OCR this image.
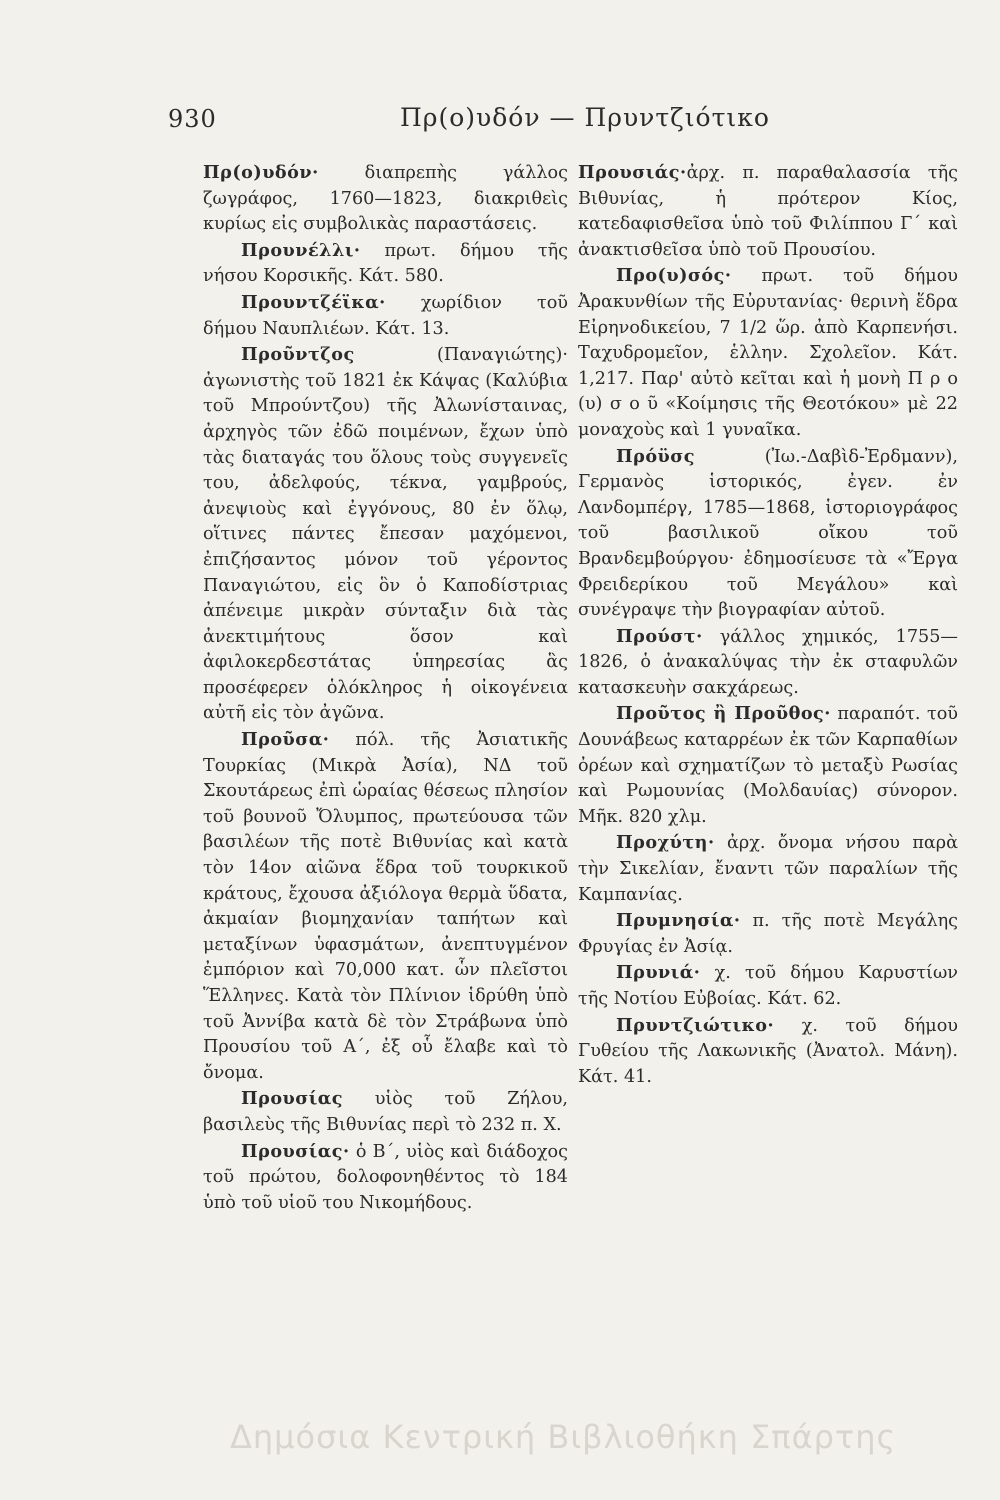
930	Πρ(ο)υδόν — Πρυντζιότικο

Πρ(ο)υδόν· διαπρεπὴς γάλλος ζωγράφος, 1760—1823, διακριθεὶς κυρίως εἰς συμβολικὰς παραστάσεις.

Προυνέλλι· πρωτ. δήμου τῆς νήσου Κορσικῆς. Κάτ. 580.

Προυντζέϊκα· χωρίδιον τοῦ δήμου Ναυπλιέων. Κάτ. 13.

Προῦντζος (Παναγιώτης)· ἀγωνιστὴς τοῦ 1821 ἐκ Κάψας (Καλύβια τοῦ Μπρούντζου) τῆς Ἀλωνίσταινας, ἀρχηγὸς τῶν ἐδῶ ποιμένων, ἔχων ὑπὸ τὰς διαταγάς του ὅλους τοὺς συγγενεῖς του, ἀδελφούς, τέκνα, γαμβρούς, ἀνεψιοὺς καὶ ἐγγόνους, 80 ἐν ὅλῳ, οἵτινες πάντες ἔπεσαν μαχόμενοι, ἐπιζήσαντος μόνον τοῦ γέροντος Παναγιώτου, εἰς ὃν ὁ Καποδίστριας ἀπένειμε μικρὰν σύνταξιν διὰ τὰς ἀνεκτιμήτους ὅσον καὶ ἀφιλοκερδεστάτας ὑπηρεσίας ἃς προσέφερεν ὁλόκληρος ἡ οἰκογένεια αὐτῆ εἰς τὸν ἀγῶνα.

Προῦσα· πόλ. τῆς Ἀσιατικῆς Τουρκίας (Μικρὰ Ἀσία), ΝΔ τοῦ Σκουτάρεως ἐπὶ ὡραίας θέσεως πλησίον τοῦ βουνοῦ Ὄλυμπος, πρωτεύουσα τῶν βασιλέων τῆς ποτὲ Βιθυνίας καὶ κατὰ τὸν 14ον αἰῶνα ἕδρα τοῦ τουρκικοῦ κράτους, ἔχουσα ἀξιόλογα θερμὰ ὕδατα, ἀκμαίαν βιομηχανίαν ταπήτων καὶ μεταξίνων ὑφασμάτων, ἀνεπτυγμένον ἐμπόριον καὶ 70,000 κατ. ὧν πλεῖστοι Ἕλληνες. Κατὰ τὸν Πλίνιον ἱδρύθη ὑπὸ τοῦ Ἀννίβα κατὰ δὲ τὸν Στράβωνα ὑπὸ Προυσίου τοῦ Α΄, ἐξ οὗ ἔλαβε καὶ τὸ ὄνομα.

Προυσίας υἱὸς τοῦ Ζήλου, βασιλεὺς τῆς Βιθυνίας περὶ τὸ 232 π. Χ.

Προυσίας· ὁ Β΄, υἱὸς καὶ διάδοχος τοῦ πρώτου, δολοφονηθέντος τὸ 184 ὑπὸ τοῦ υἱοῦ του Νικομήδους.

Προυσιάς·ἀρχ. π. παραθαλασσία τῆς Βιθυνίας, ἡ πρότερον Κίος, κατεδαφισθεῖσα ὑπὸ τοῦ Φιλίππου Γ΄ καὶ ἀνακτισθεῖσα ὑπὸ τοῦ Προυσίου.

Προ(υ)σός· πρωτ. τοῦ δήμου Ἀρακυνθίων τῆς Εὐρυτανίας· θερινὴ ἕδρα Εἰρηνοδικείου, 7 1/2 ὥρ. ἀπὸ Καρπενήσι. Ταχυδρομεῖον, ἑλλην. Σχολεῖον. Κάτ. 1,217. Παρ' αὐτὸ κεῖται καὶ ἡ μονὴ Π ρ ο (υ) σ ο ῦ «Κοίμησις τῆς Θεοτόκου» μὲ 22 μοναχοὺς καὶ 1 γυναῖκα.

Πρόϋσς (Ἰω.-Δαβὶδ-Ἐρδμανν), Γερμανὸς ἱστορικός, ἐγεν. ἐν Λανδομπέργ, 1785—1868, ἱστοριογράφος τοῦ βασιλικοῦ οἴκου τοῦ Βρανδεμβούργου· ἐδημοσίευσε τὰ «Ἔργα Φρειδερίκου τοῦ Μεγάλου» καὶ συνέγραψε τὴν βιογραφίαν αὐτοῦ.

Προύστ· γάλλος χημικός, 1755—1826, ὁ ἀνακαλύψας τὴν ἐκ σταφυλῶν κατασκευὴν σακχάρεως.

Προῦτος ἢ Προῦθος· παραπότ. τοῦ Δουνάβεως καταρρέων ἐκ τῶν Καρπαθίων ὀρέων καὶ σχηματίζων τὸ μεταξὺ Ρωσίας καὶ Ρωμουνίας (Μολδαυίας) σύνορον. Μῆκ. 820 χλμ.

Προχύτη· ἀρχ. ὄνομα νήσου παρὰ τὴν Σικελίαν, ἔναντι τῶν παραλίων τῆς Καμπανίας.

Πρυμνησία· π. τῆς ποτὲ Μεγάλης Φρυγίας ἐν Ἀσίᾳ.

Πρυνιά· χ. τοῦ δήμου Καρυστίων τῆς Νοτίου Εὐβοίας. Κάτ. 62.

Πρυντζιώτικο· χ. τοῦ δήμου Γυθείου τῆς Λακωνικῆς (Ἀνατολ. Μάνη). Κάτ. 41.

Δημόσια Κεντρική Βιβλιοθήκη Σπάρτης
